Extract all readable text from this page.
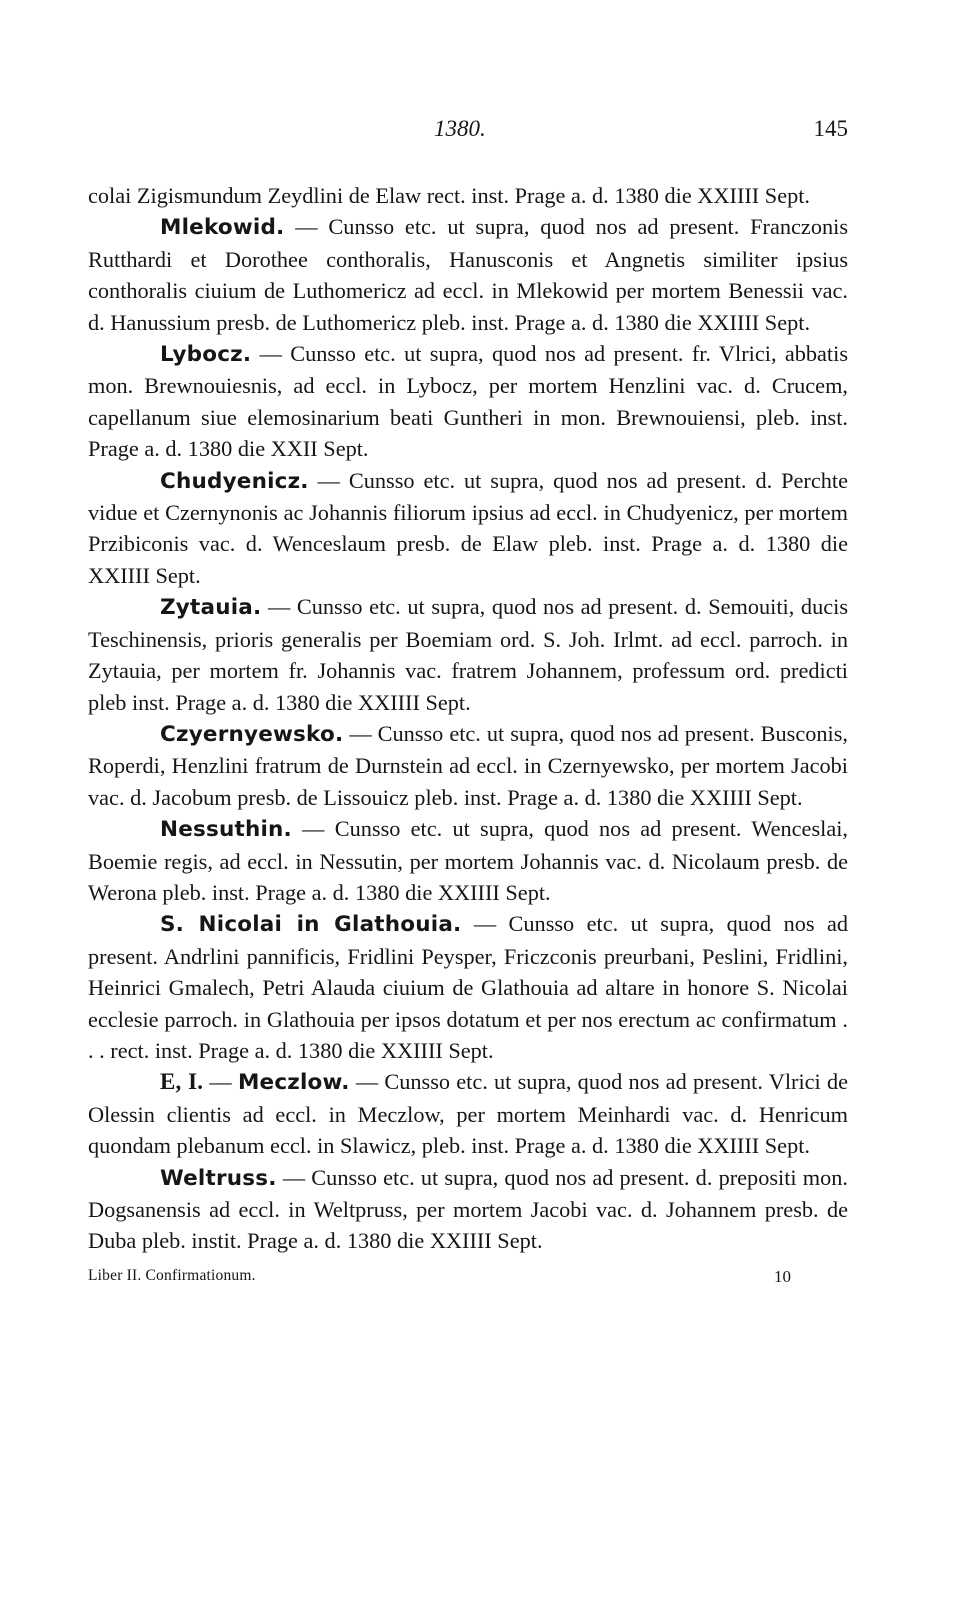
1380.	145

colai Zigismundum Zeydlini de Elaw rect. inst. Prage a. d. 1380 die XXIIII Sept.

Mlekowid. — Cunsso etc. ut supra, quod nos ad present. Franczonis Rutthardi et Dorothee conthoralis, Hanusconis et Angnetis similiter ipsius conthoralis ciuium de Luthomericz ad eccl. in Mlekowid per mortem Benessii vac. d. Hanussium presb. de Luthomericz pleb. inst. Prage a. d. 1380 die XXIIII Sept.

Lybocz. — Cunsso etc. ut supra, quod nos ad present. fr. Vlrici, abbatis mon. Brewnouiesnis, ad eccl. in Lybocz, per mortem Henzlini vac. d. Crucem, capellanum siue elemosinarium beati Guntheri in mon. Brewnouiensi, pleb. inst. Prage a. d. 1380 die XXII Sept.

Chudyenicz. — Cunsso etc. ut supra, quod nos ad present. d. Perchte vidue et Czernynonis ac Johannis filiorum ipsius ad eccl. in Chudyenicz, per mortem Przibiconis vac. d. Wenceslaum presb. de Elaw pleb. inst. Prage a. d. 1380 die XXIIII Sept.

Zytauia. — Cunsso etc. ut supra, quod nos ad present. d. Semouiti, ducis Teschinensis, prioris generalis per Boemiam ord. S. Joh. Irlmt. ad eccl. parroch. in Zytauia, per mortem fr. Johannis vac. fratrem Johannem, professum ord. predicti pleb inst. Prage a. d. 1380 die XXIIII Sept.

Czyernyewsko. — Cunsso etc. ut supra, quod nos ad present. Busconis, Roperdi, Henzlini fratrum de Durnstein ad eccl. in Czernyewsko, per mortem Jacobi vac. d. Jacobum presb. de Lissouicz pleb. inst. Prage a. d. 1380 die XXIIII Sept.

Nessuthin. — Cunsso etc. ut supra, quod nos ad present. Wenceslai, Boemie regis, ad eccl. in Nessutin, per mortem Johannis vac. d. Nicolaum presb. de Werona pleb. inst. Prage a. d. 1380 die XXIIII Sept.

S. Nicolai in Glathouia. — Cunsso etc. ut supra, quod nos ad present. Andrlini pannificis, Fridlini Peysper, Friczconis preurbani, Peslini, Fridlini, Heinrici Gmalech, Petri Alauda ciuium de Glathouia ad altare in honore S. Nicolai ecclesie parroch. in Glathouia per ipsos dotatum et per nos erectum ac confirmatum . . . rect. inst. Prage a. d. 1380 die XXIIII Sept.

E, I. — Meczlow. — Cunsso etc. ut supra, quod nos ad present. Vlrici de Olessin clientis ad eccl. in Meczlow, per mortem Meinhardi vac. d. Henricum quondam plebanum eccl. in Slawicz, pleb. inst. Prage a. d. 1380 die XXIIII Sept.

Weltruss. — Cunsso etc. ut supra, quod nos ad present. d. prepositi mon. Dogsanensis ad eccl. in Weltpruss, per mortem Jacobi vac. d. Johannem presb. de Duba pleb. instit. Prage a. d. 1380 die XXIIII Sept.

Liber II. Confirmationum.	10
